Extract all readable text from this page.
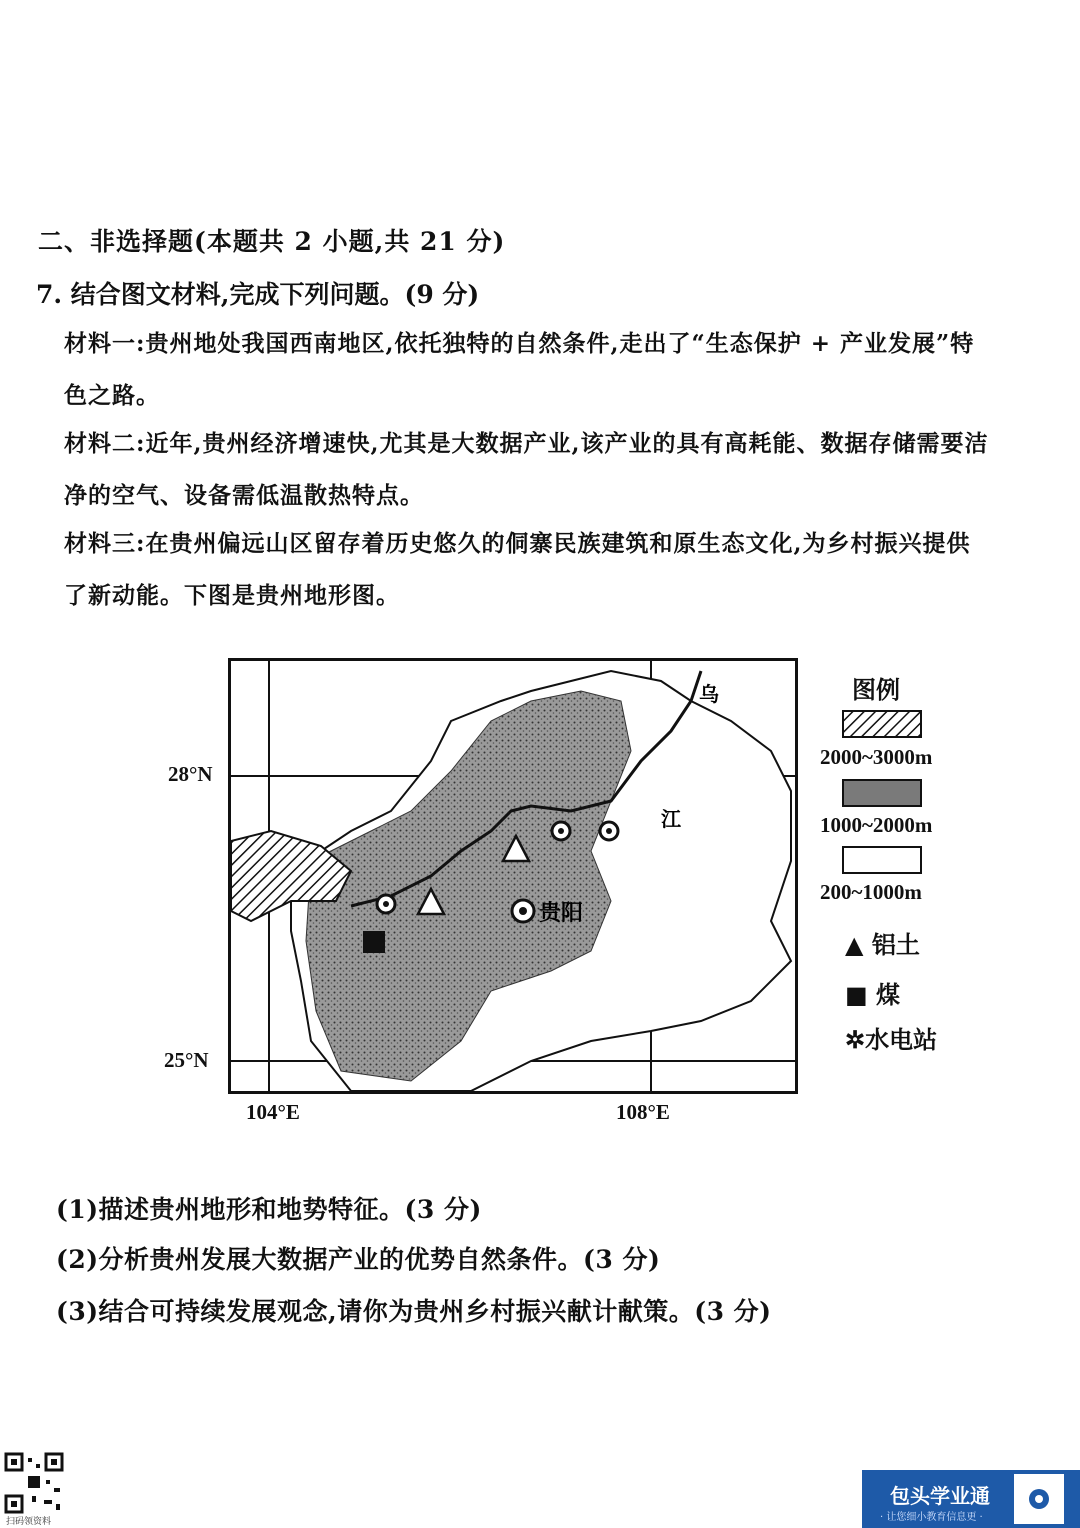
二、非选择题(本题共 2 小题,共 21 分)
7. 结合图文材料,完成下列问题。(9 分)
材料一:贵州地处我国西南地区,依托独特的自然条件,走出了“生态保护 + 产业发展”特
色之路。
材料二:近年,贵州经济增速快,尤其是大数据产业,该产业的具有高耗能、数据存储需要洁
净的空气、设备需低温散热特点。
材料三:在贵州偏远山区留存着历史悠久的侗寨民族建筑和原生态文化,为乡村振兴提供
了新动能。下图是贵州地形图。
贵阳
乌
江
28°N
25°N
104°E	108°E
图例
2000~3000m
1000~2000m
200~1000m
▲ 铝土
■ 煤
✲水电站
(1)描述贵州地形和地势特征。(3 分)
(2)分析贵州发展大数据产业的优势自然条件。(3 分)
(3)结合可持续发展观念,请你为贵州乡村振兴献计献策。(3 分)
扫码领资料
包头学业通
· 让您细小教育信息更 ·
